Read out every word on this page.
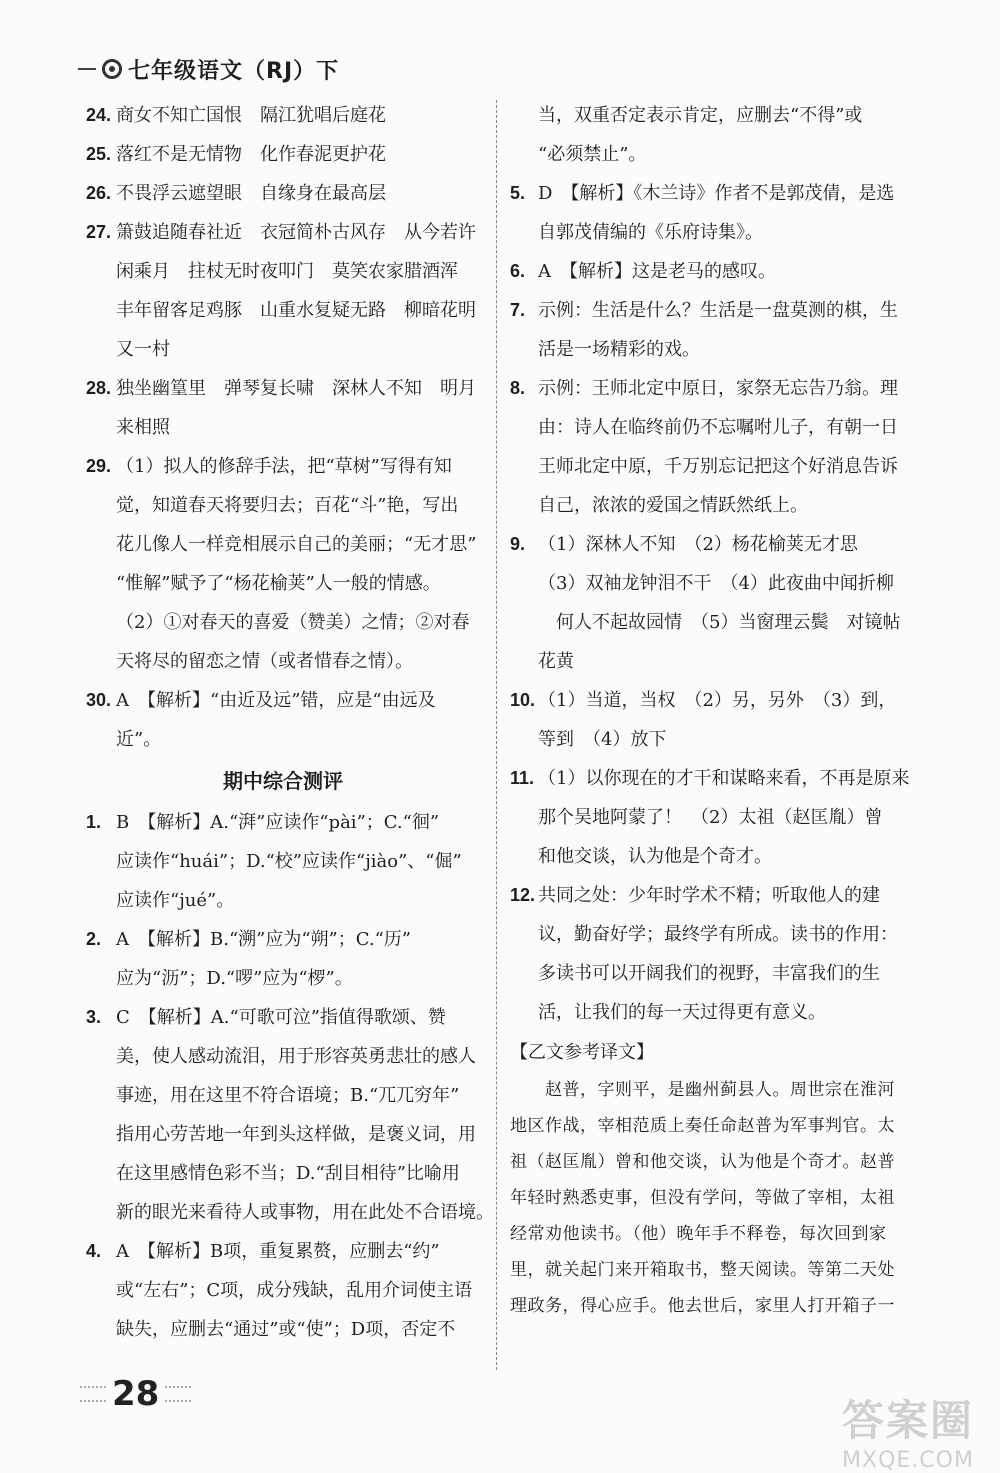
七年级语文（RJ）下
24. 商女不知亡国恨　隔江犹唱后庭花
25. 落红不是无情物　化作春泥更护花
26. 不畏浮云遮望眼　自缘身在最高层
27. 箫鼓追随春社近　衣冠简朴古风存　从今若许
闲乘月　拄杖无时夜叩门　莫笑农家腊酒浑
丰年留客足鸡豚　山重水复疑无路　柳暗花明
又一村
28. 独坐幽篁里　弹琴复长啸　深林人不知　明月
来相照
29. （1）拟人的修辞手法，把“草树”写得有知
觉，知道春天将要归去；百花“斗”艳，写出
花儿像人一样竞相展示自己的美丽；“无才思”
“惟解”赋予了“杨花榆荚”人一般的情感。
（2）①对春天的喜爱（赞美）之情；②对春
天将尽的留恋之情（或者惜春之情）。
30. A　【解析】“由近及远”错，应是“由远及
近”。
期中综合测评
1. B　【解析】A.“湃”应读作“pài”；C.“徊”
应读作“huái”；D.“校”应读作“jiào”、“倔”
应读作“jué”。
2. A　【解析】B.“溯”应为“朔”；C.“历”
应为“沥”；D.“啰”应为“椤”。
3. C　【解析】A.“可歌可泣”指值得歌颂、赞
美，使人感动流泪，用于形容英勇悲壮的感人
事迹，用在这里不符合语境；B.“兀兀穷年”
指用心劳苦地一年到头这样做，是褒义词，用
在这里感情色彩不当；D.“刮目相待”比喻用
新的眼光来看待人或事物，用在此处不合语境。
4. A　【解析】B项，重复累赘，应删去“约”
或“左右”；C项，成分残缺，乱用介词使主语
缺失，应删去“通过”或“使”；D项，否定不
当，双重否定表示肯定，应删去“不得”或
“必须禁止”。
5. D　【解析】《木兰诗》作者不是郭茂倩，是选
自郭茂倩编的《乐府诗集》。
6. A　【解析】这是老马的感叹。
7. 示例：生活是什么？生活是一盘莫测的棋，生
活是一场精彩的戏。
8. 示例：王师北定中原日，家祭无忘告乃翁。理
由：诗人在临终前仍不忘嘱咐儿子，有朝一日
王师北定中原，千万别忘记把这个好消息告诉
自己，浓浓的爱国之情跃然纸上。
9. （1）深林人不知　（2）杨花榆荚无才思
（3）双袖龙钟泪不干　（4）此夜曲中闻折柳
　何人不起故园情　（5）当窗理云鬓　对镜帖
花黄
10. （1）当道，当权　（2）另，另外　（3）到，
等到　（4）放下
11. （1）以你现在的才干和谋略来看，不再是原来
那个吴地阿蒙了！　（2）太祖（赵匡胤）曾
和他交谈，认为他是个奇才。
12. 共同之处：少年时学术不精；听取他人的建
议，勤奋好学；最终学有所成。读书的作用：
多读书可以开阔我们的视野，丰富我们的生
活，让我们的每一天过得更有意义。
【乙文参考译文】
　　赵普，字则平，是幽州蓟县人。周世宗在淮河
地区作战，宰相范质上奏任命赵普为军事判官。太
祖（赵匡胤）曾和他交谈，认为他是个奇才。赵普
年轻时熟悉吏事，但没有学问，等做了宰相，太祖
经常劝他读书。（他）晚年手不释卷，每次回到家
里，就关起门来开箱取书，整天阅读。等第二天处
理政务，得心应手。他去世后，家里人打开箱子一
28
答案圈
MXQE.COM
